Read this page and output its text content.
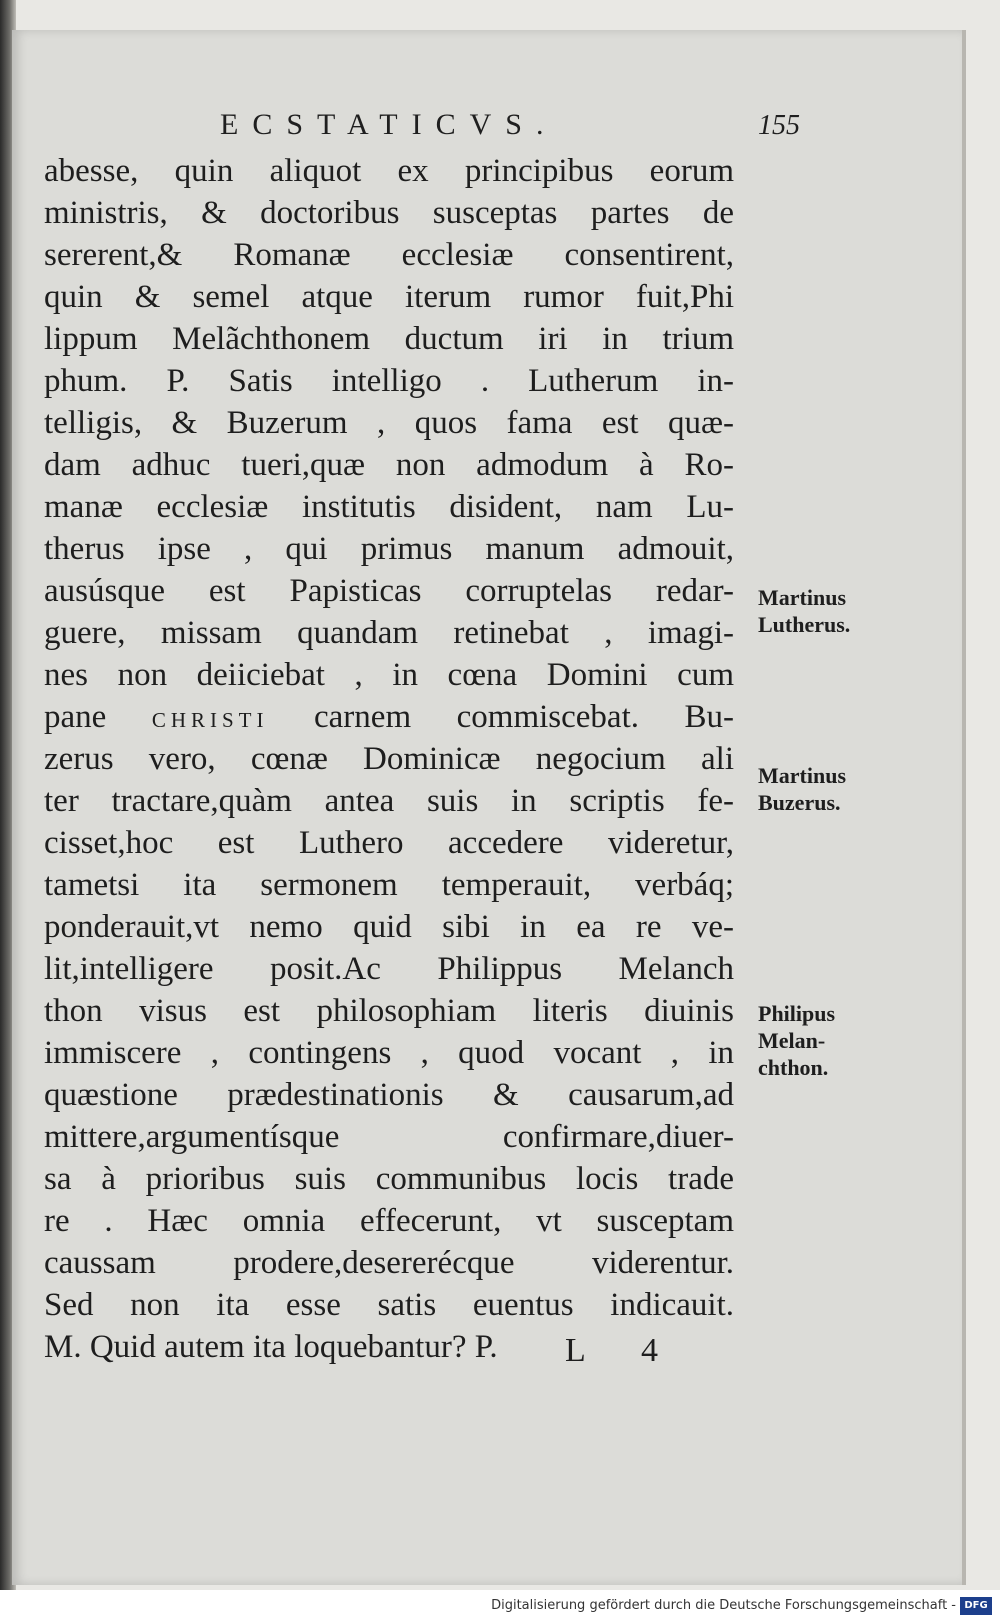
ECSTATICVS.	155
abesse, quin aliquot ex principibus eorum
ministris, & doctoribus susceptas partes de
sererent,& Romanæ ecclesiæ consentirent,
quin & semel atque iterum rumor fuit,Phi
lippum Melãchthonem ductum iri in trium
phum. P. Satis intelligo . Lutherum in-
telligis, & Buzerum , quos fama est quæ-
dam adhuc tueri,quæ non admodum à Ro-
manæ ecclesiæ institutis disident, nam Lu-
therus ipse , qui primus manum admouit,
ausúsque est Papisticas corruptelas redar-
guere, missam quandam retinebat , imagi-
nes non deiiciebat , in cœna Domini cum
pane CHRISTI carnem commiscebat. Bu-
zerus vero, cœnæ Dominicæ negocium ali
ter tractare,quàm antea suis in scriptis fe-
cisset,hoc est Luthero accedere videretur,
tametsi ita sermonem temperauit, verbáq;
ponderauit,vt nemo quid sibi in ea re ve-
lit,intelligere posit.Ac Philippus Melanch
thon visus est philosophiam literis diuinis
immiscere , contingens , quod vocant , in
quæstione prædestinationis & causarum,ad
mittere,argumentísque confirmare,diuer-
sa à prioribus suis communibus locis trade
re . Hæc omnia effecerunt, vt susceptam
caussam prodere,desererécque viderentur.
Sed non ita esse satis euentus indicauit.
M. Quid autem ita loquebantur? P.
Martinus
Lutherus.
Martinus
Buzerus.
Philipus
Melan-
chthon.
L 4
Digitalisierung gefördert durch die Deutsche Forschungsgemeinschaft - DFG
